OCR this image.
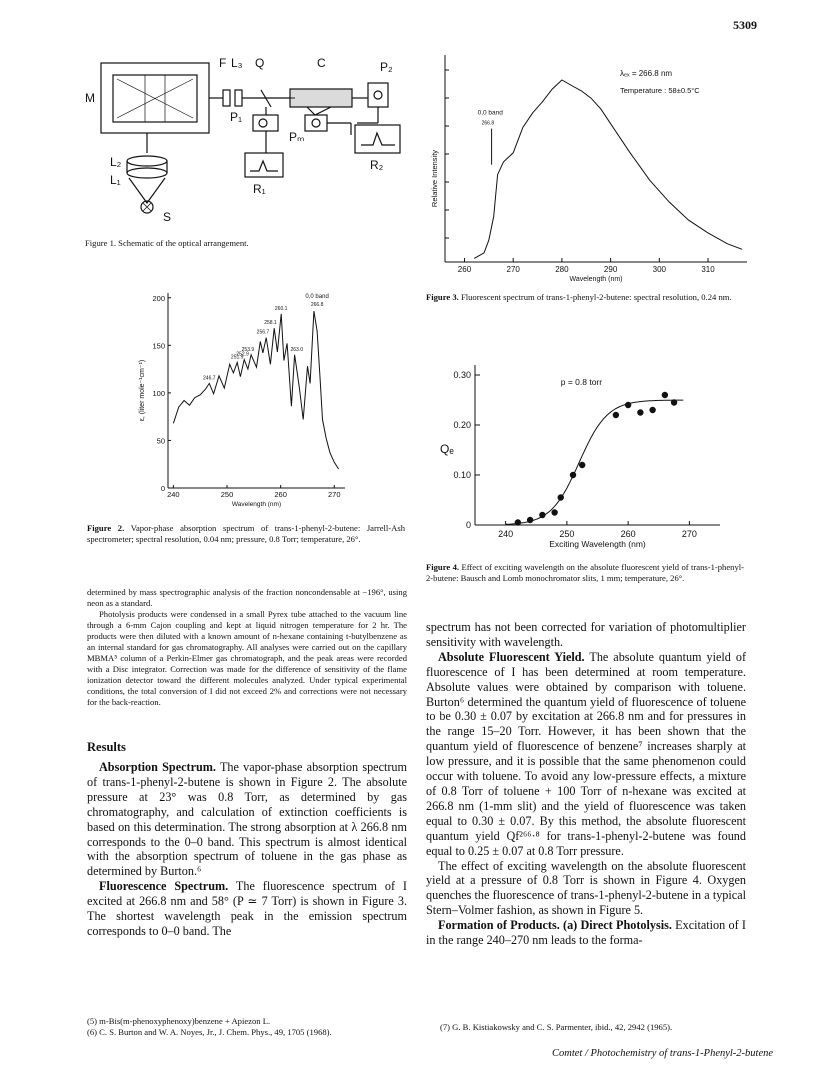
5309
M
F L₃ Q	C	P₂
P₁
Pₘ
R₁
R₂
L₂
L₁
S
Figure 1. Schematic of the optical arrangement.
240	250	260	270
0
50
100
150
200
Wavelength (nm)
ε, (liter mole⁻¹cm⁻¹)	246.7
251.9
252.9
253.9
256.7
258.1
260.1
263.0
0,0 band
266.8
Figure 2. Vapor-phase absorption spectrum of trans-1-phenyl-2-butene: Jarrell-Ash spectrometer; spectral resolution, 0.04 nm; pressure, 0.8 Torr; temperature, 26°.
260	270	280	290	300	310
Wavelength (nm)
Relative Intensity
λₑₓ = 266.8 nm
Temperature : 58±0.5°C
0,0 band
266.8
Figure 3. Fluorescent spectrum of trans-1-phenyl-2-butene: spectral resolution, 0.24 nm.
240	250	260	270
0
0.10
0.20
0.30
Exciting Wavelength (nm)
Qₑ
p = 0.8 torr
Figure 4. Effect of exciting wavelength on the absolute fluorescent yield of trans-1-phenyl-2-butene: Bausch and Lomb monochromator slits, 1 mm; temperature, 26°.

determined by mass spectrographic analysis of the fraction noncondensable at −196°, using neon as a standard.

Photolysis products were condensed in a small Pyrex tube attached to the vacuum line through a 6-mm Cajon coupling and kept at liquid nitrogen temperature for 2 hr. The products were then diluted with a known amount of n-hexane containing t-butylbenzene as an internal standard for gas chromatography. All analyses were carried out on the capillary MBMA⁵ column of a Perkin-Elmer gas chromatograph, and the peak areas were recorded with a Disc integrator. Correction was made for the difference of sensitivity of the flame ionization detector toward the different molecules analyzed. Under typical experimental conditions, the total conversion of I did not exceed 2% and corrections were not necessary for the back-reaction.

Results

Absorption Spectrum. The vapor-phase absorption spectrum of trans-1-phenyl-2-butene is shown in Figure 2. The absolute pressure at 23° was 0.8 Torr, as determined by gas chromatography, and calculation of extinction coefficients is based on this determination. The strong absorption at λ 266.8 nm corresponds to the 0–0 band. This spectrum is almost identical with the absorption spectrum of toluene in the gas phase as determined by Burton.⁶

Fluorescence Spectrum. The fluorescence spectrum of I excited at 266.8 nm and 58° (P ≃ 7 Torr) is shown in Figure 3. The shortest wavelength peak in the emission spectrum corresponds to 0–0 band. The

(5) m-Bis(m-phenoxyphenoxy)benzene + Apiezon L.
(6) C. S. Burton and W. A. Noyes, Jr., J. Chem. Phys., 49, 1705 (1968).

spectrum has not been corrected for variation of photomultiplier sensitivity with wavelength.

Absolute Fluorescent Yield. The absolute quantum yield of fluorescence of I has been determined at room temperature. Absolute values were obtained by comparison with toluene. Burton⁶ determined the quantum yield of fluorescence of toluene to be 0.30 ± 0.07 by excitation at 266.8 nm and for pressures in the range 15–20 Torr. However, it has been shown that the quantum yield of fluorescence of benzene⁷ increases sharply at low pressure, and it is possible that the same phenomenon could occur with toluene. To avoid any low-pressure effects, a mixture of 0.8 Torr of toluene + 100 Torr of n-hexane was excited at 266.8 nm (1-mm slit) and the yield of fluorescence was taken equal to 0.30 ± 0.07. By this method, the absolute fluorescent quantum yield Qf²⁶⁶·⁸ for trans-1-phenyl-2-butene was found equal to 0.25 ± 0.07 at 0.8 Torr pressure.

The effect of exciting wavelength on the absolute fluorescent yield at a pressure of 0.8 Torr is shown in Figure 4. Oxygen quenches the fluorescence of trans-1-phenyl-2-butene in a typical Stern–Volmer fashion, as shown in Figure 5.

Formation of Products. (a) Direct Photolysis. Excitation of I in the range 240–270 nm leads to the forma-

(7) G. B. Kistiakowsky and C. S. Parmenter, ibid., 42, 2942 (1965).
Comtet / Photochemistry of trans-1-Phenyl-2-butene
